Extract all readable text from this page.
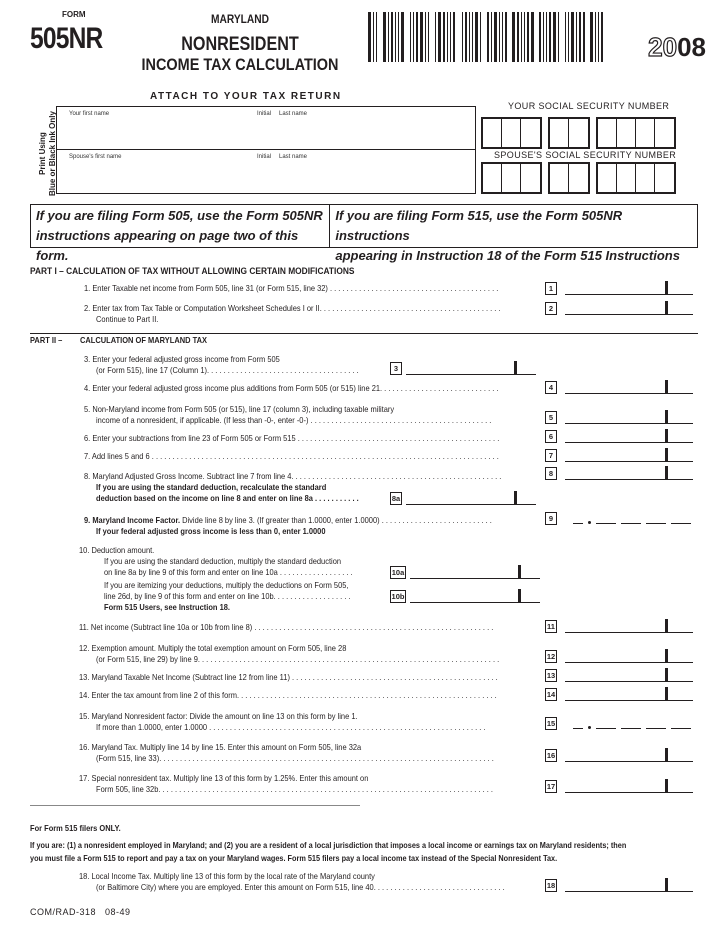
FORM
505NR
MARYLAND
NONRESIDENT
INCOME TAX CALCULATION
2008
ATTACH TO YOUR TAX RETURN
Print Using Blue or Black Ink Only Your first name	Initial Last name
Spouse's first name	Initial Last name
YOUR SOCIAL SECURITY NUMBER
SPOUSE'S SOCIAL SECURITY NUMBER
If you are filing Form 505, use the Form 505NR
instructions appearing on page two of this form.
If you are filing Form 515, use the Form 505NR instructions
appearing in Instruction 18 of the Form 515 Instructions
PART I – CALCULATION OF TAX WITHOUT ALLOWING CERTAIN MODIFICATIONS
1. Enter Taxable net income from Form 505, line 31 (or Form 515, line 32) . . . . . . . . . . . . . . . . . . . . . . . . . . . . . . . . . . . . . . . . .
2. Enter tax from Tax Table or Computation Worksheet Schedules I or II. . . . . . . . . . . . . . . . . . . . . . . . . . . . . . . . . . . . . . . . . . . .
Continue to Part II.
PART II – CALCULATION OF MARYLAND TAX
3. Enter your federal adjusted gross income from Form 505
(or Form 515), line 17 (Column 1). . . . . . . . . . . . . . . . . . . . . . . . . . . . . . . . . . . . .
4. Enter your federal adjusted gross income plus additions from Form 505 (or 515) line 21. . . . . . . . . . . . . . . . . . . . . . . . . . . . .
5. Non-Maryland income from Form 505 (or 515), line 17 (column 3), including taxable military
income of a nonresident, if applicable. (If less than -0-, enter -0-) . . . . . . . . . . . . . . . . . . . . . . . . . . . . . . . . . . . . . . . . . . . .
6. Enter your subtractions from line 23 of Form 505 or Form 515 . . . . . . . . . . . . . . . . . . . . . . . . . . . . . . . . . . . . . . . . . . . . . . . . .
7. Add lines 5 and 6 . . . . . . . . . . . . . . . . . . . . . . . . . . . . . . . . . . . . . . . . . . . . . . . . . . . . . . . . . . . . . . . . . . . . . . . . . . . . . . . . . . . .
8. Maryland Adjusted Gross Income. Subtract line 7 from line 4. . . . . . . . . . . . . . . . . . . . . . . . . . . . . . . . . . . . . . . . . . . . . . . . . . .
If you are using the standard deduction, recalculate the standard
deduction based on the income on line 8 and enter on line 8a . . . . . . . . . . .
9. Maryland Income Factor. Divide line 8 by line 3. (If greater than 1.0000, enter 1.0000) . . . . . . . . . . . . . . . . . . . . . . . . . . .
If your federal adjusted gross income is less than 0, enter 1.0000
10. Deduction amount.
If you are using the standard deduction, multiply the standard deduction
on line 8a by line 9 of this form and enter on line 10a . . . . . . . . . . . . . . . . . .
If you are itemizing your deductions, multiply the deductions on Form 505,
line 26d, by line 9 of this form and enter on line 10b. . . . . . . . . . . . . . . . . . .
Form 515 Users, see Instruction 18.
11. Net income (Subtract line 10a or 10b from line 8) . . . . . . . . . . . . . . . . . . . . . . . . . . . . . . . . . . . . . . . . . . . . . . . . . . . . . . . . . .
12. Exemption amount. Multiply the total exemption amount on Form 505, line 28
(or Form 515, line 29) by line 9. . . . . . . . . . . . . . . . . . . . . . . . . . . . . . . . . . . . . . . . . . . . . . . . . . . . . . . . . . . . . . . . . . . . . . . . .
13. Maryland Taxable Net Income (Subtract line 12 from line 11) . . . . . . . . . . . . . . . . . . . . . . . . . . . . . . . . . . . . . . . . . . . . . . . . . .
14. Enter the tax amount from line 2 of this form. . . . . . . . . . . . . . . . . . . . . . . . . . . . . . . . . . . . . . . . . . . . . . . . . . . . . . . . . . . . . . .
15. Maryland Nonresident factor: Divide the amount on line 13 on this form by line 1.
If more than 1.0000, enter 1.0000 . . . . . . . . . . . . . . . . . . . . . . . . . . . . . . . . . . . . . . . . . . . . . . . . . . . . . . . . . . . . . . . . . . .
16. Maryland Tax. Multiply line 14 by line 15. Enter this amount on Form 505, line 32a
(Form 515, line 33). . . . . . . . . . . . . . . . . . . . . . . . . . . . . . . . . . . . . . . . . . . . . . . . . . . . . . . . . . . . . . . . . . . . . . . . . . . . . . . . .
17. Special nonresident tax. Multiply line 13 of this form by 1.25%. Enter this amount on
Form 505, line 32b. . . . . . . . . . . . . . . . . . . . . . . . . . . . . . . . . . . . . . . . . . . . . . . . . . . . . . . . . . . . . . . . . . . . . . . . . . . . . . . . .
For Form 515 filers ONLY.
If you are: (1) a nonresident employed in Maryland; and (2) you are a resident of a local jurisdiction that imposes a local income or earnings tax on Maryland residents; then
you must file a Form 515 to report and pay a tax on your Maryland wages. Form 515 filers pay a local income tax instead of the Special Nonresident Tax.
18. Local Income Tax. Multiply line 13 of this form by the local rate of the Maryland county
(or Baltimore City) where you are employed. Enter this amount on Form 515, line 40. . . . . . . . . . . . . . . . . . . . . . . . . . . . . . . .
COM/RAD-318 08-49
1
2
3
4
5
6
7
8
8a
9
10a
10b
11
12
13
14
15
16
17
18
